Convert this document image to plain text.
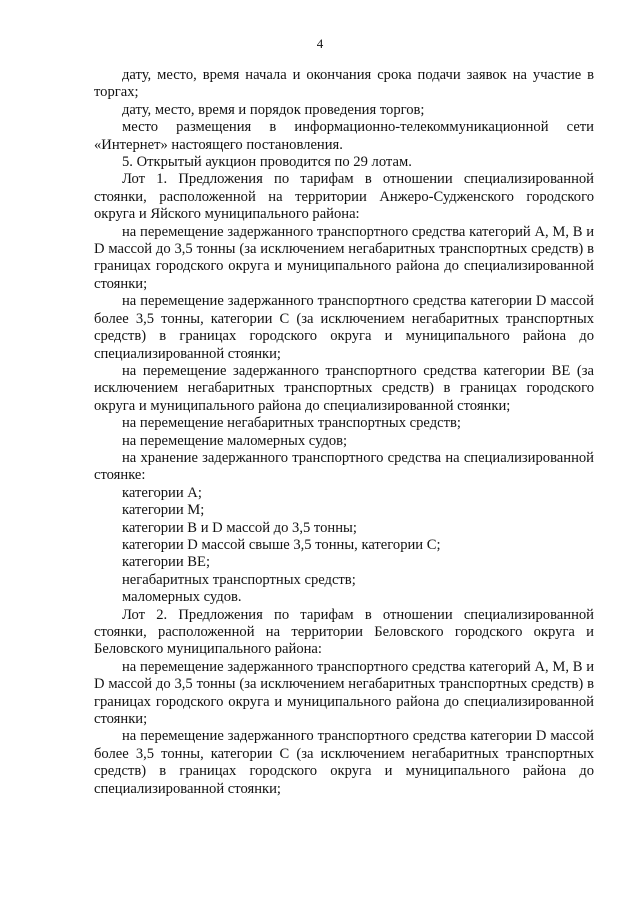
4

дату, место, время начала и окончания срока подачи заявок на участие в торгах;

дату, место, время и порядок проведения торгов;

место размещения в информационно-телекоммуникационной сети «Интернет» настоящего постановления.

5. Открытый аукцион проводится по 29 лотам.

Лот 1. Предложения по тарифам в отношении специализированной стоянки, расположенной на территории Анжеро-Судженского городского округа и Яйского муниципального района:

на перемещение задержанного транспортного средства категорий A, M, B и D массой до 3,5 тонны (за исключением негабаритных транспортных средств) в границах городского округа и муниципального района до специализированной стоянки;

на перемещение задержанного транспортного средства категории D массой более 3,5 тонны, категории C (за исключением негабаритных транспортных средств) в границах городского округа и муниципального района до специализированной стоянки;

на перемещение задержанного транспортного средства категории BE (за исключением негабаритных транспортных средств) в границах городского округа и муниципального района до специализированной стоянки;

на перемещение негабаритных транспортных средств;

на перемещение маломерных судов;

на хранение задержанного транспортного средства на специализированной стоянке:

категории A;

категории M;

категории B и D массой до 3,5 тонны;

категории D массой свыше 3,5 тонны, категории C;

категории BE;

негабаритных транспортных средств;

маломерных судов.

Лот 2. Предложения по тарифам в отношении специализированной стоянки, расположенной на территории Беловского городского округа и Беловского муниципального района:

на перемещение задержанного транспортного средства категорий A, M, B и D массой до 3,5 тонны (за исключением негабаритных транспортных средств) в границах городского округа и муниципального района до специализированной стоянки;

на перемещение задержанного транспортного средства категории D массой более 3,5 тонны, категории C (за исключением негабаритных транспортных средств) в границах городского округа и муниципального района до специализированной стоянки;
